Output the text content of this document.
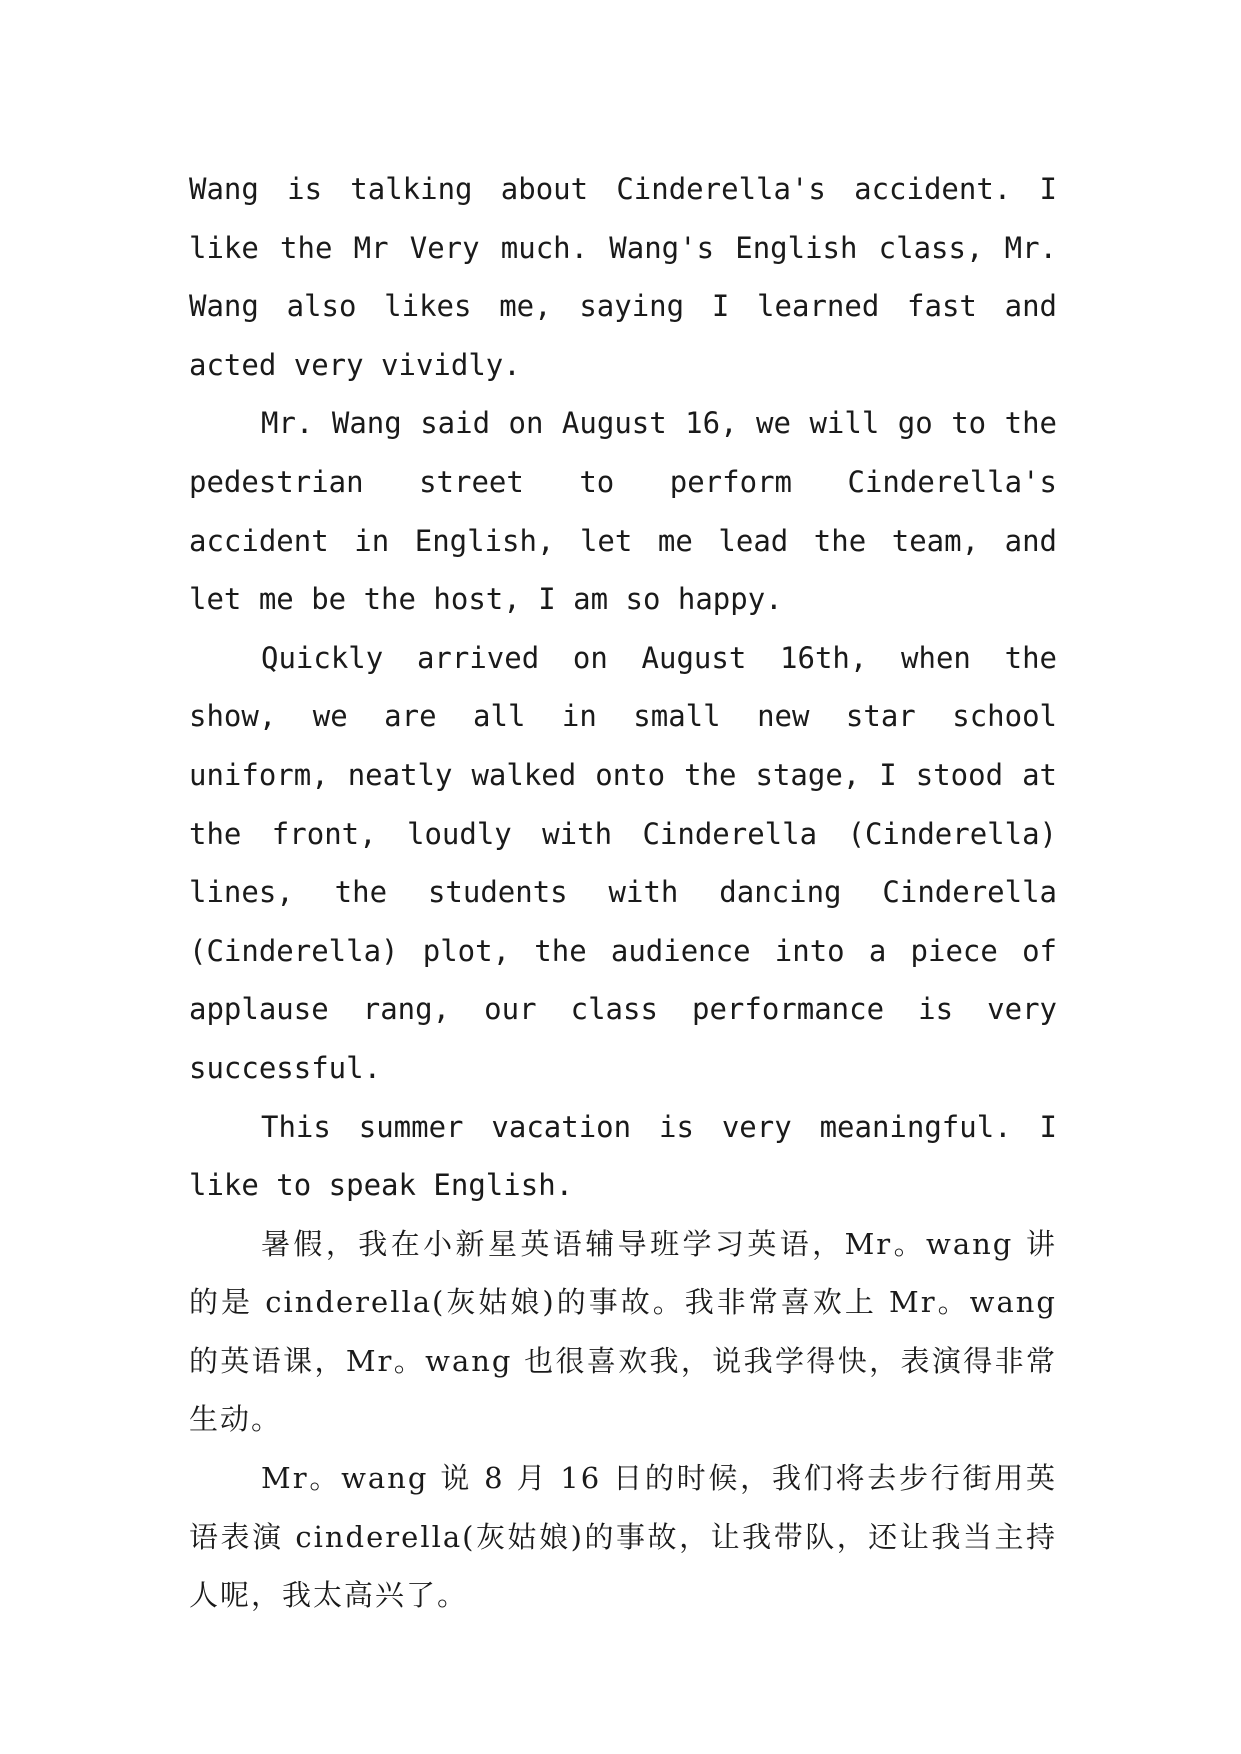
Wang is talking about Cinderella's accident. I like the Mr Very much. Wang's English class, Mr. Wang also likes me, saying I learned fast and acted very vividly.

Mr. Wang said on August 16, we will go to the pedestrian street to perform Cinderella's accident in English, let me lead the team, and let me be the host, I am so happy.

Quickly arrived on August 16th, when the show, we are all in small new star school uniform, neatly walked onto the stage, I stood at the front, loudly with Cinderella (Cinderella) lines, the students with dancing Cinderella (Cinderella) plot, the audience into a piece of applause rang, our class performance is very successful.

This summer vacation is very meaningful. I like to speak English.

暑假，我在小新星英语辅导班学习英语，Mr。wang 讲的是 cinderella(灰姑娘)的事故。我非常喜欢上 Mr。wang 的英语课，Mr。wang 也很喜欢我，说我学得快，表演得非常生动。

Mr。wang 说 8 月 16 日的时候，我们将去步行街用英语表演 cinderella(灰姑娘)的事故，让我带队，还让我当主持人呢，我太高兴了。
